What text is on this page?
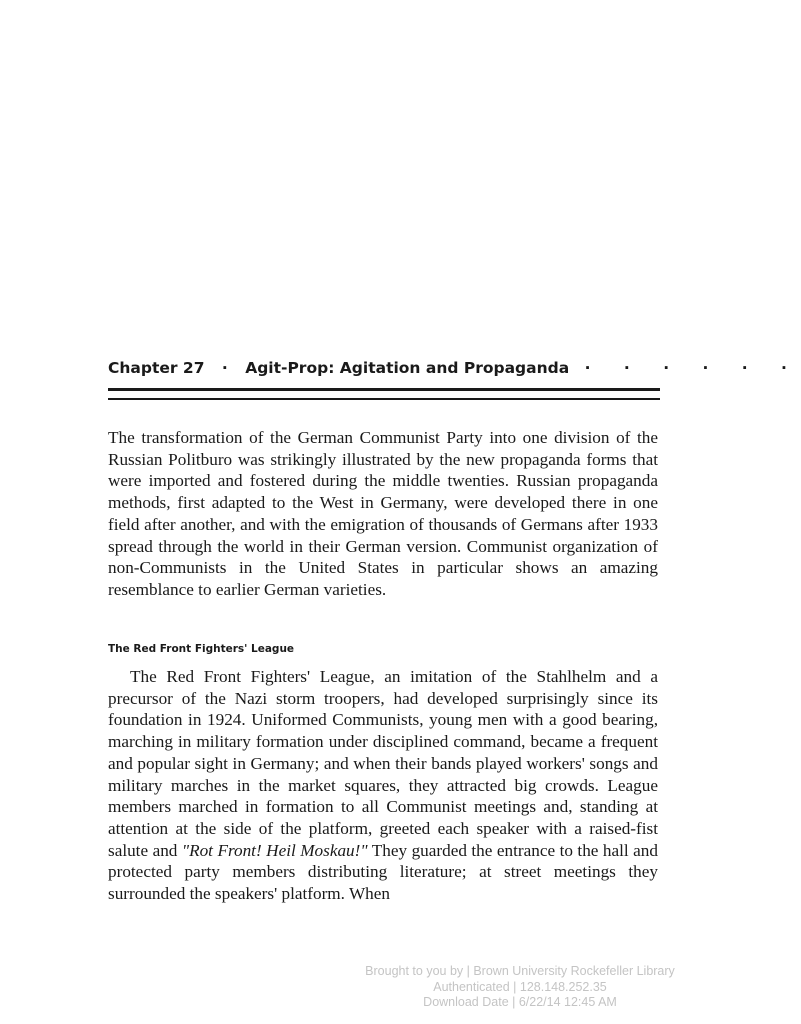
Chapter 27 · Agit-Prop: Agitation and Propaganda · · · · · ·

The transformation of the German Communist Party into one division of the Russian Politburo was strikingly illustrated by the new propaganda forms that were imported and fostered during the middle twenties. Russian propaganda methods, first adapted to the West in Germany, were developed there in one field after another, and with the emigration of thousands of Germans after 1933 spread through the world in their German version. Communist organization of non-Communists in the United States in particular shows an amazing resemblance to earlier German varieties.

The Red Front Fighters' League

The Red Front Fighters' League, an imitation of the Stahlhelm and a precursor of the Nazi storm troopers, had developed surprisingly since its foundation in 1924. Uniformed Communists, young men with a good bearing, marching in military formation under disciplined command, became a frequent and popular sight in Germany; and when their bands played workers' songs and military marches in the market squares, they attracted big crowds. League members marched in formation to all Communist meetings and, standing at attention at the side of the platform, greeted each speaker with a raised-fist salute and "Rot Front! Heil Moskau!" They guarded the entrance to the hall and protected party members distributing literature; at street meetings they surrounded the speakers' platform. When

Brought to you by | Brown University Rockefeller Library
Authenticated | 128.148.252.35
Download Date | 6/22/14 12:45 AM
